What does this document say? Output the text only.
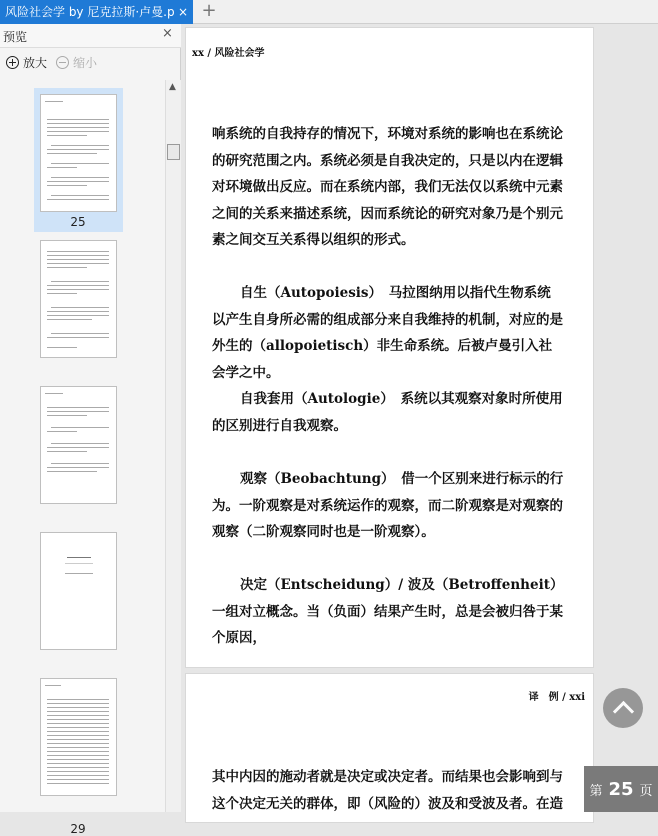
风险社会学 by 尼克拉斯·卢曼.p × +
预览	×
放大 缩小
25
29
▲
xx / 风险社会学
响系统的自我持存的情况下，环境对系统的影响也在系统论的研究范围之内。系统必须是自我决定的，只是以内在逻辑对环境做出反应。而在系统内部，我们无法仅以系统中元素之间的关系来描述系统，因而系统论的研究对象乃是个别元素之间交互关系得以组织的形式。
自生（Autopoiesis）　马拉图纳用以指代生物系统以产生自身所必需的组成部分来自我维持的机制，对应的是外生的（allopoietisch）非生命系统。后被卢曼引入社会学之中。
自我套用（Autologie）　系统以其观察对象时所使用的区别进行自我观察。
观察（Beobachtung）　借一个区别来进行标示的行为。一阶观察是对系统运作的观察，而二阶观察是对观察的观察（二阶观察同时也是一阶观察）。
决定（Entscheidung）/ 波及（Betroffenheit）　一组对立概念。当（负面）结果产生时，总是会被归咎于某个原因，
译　例 / xxi
其中内因的施动者就是决定或决定者。而结果也会影响到与这个决定无关的群体，即（风险的）波及和受波及者。在造
第 25 页
